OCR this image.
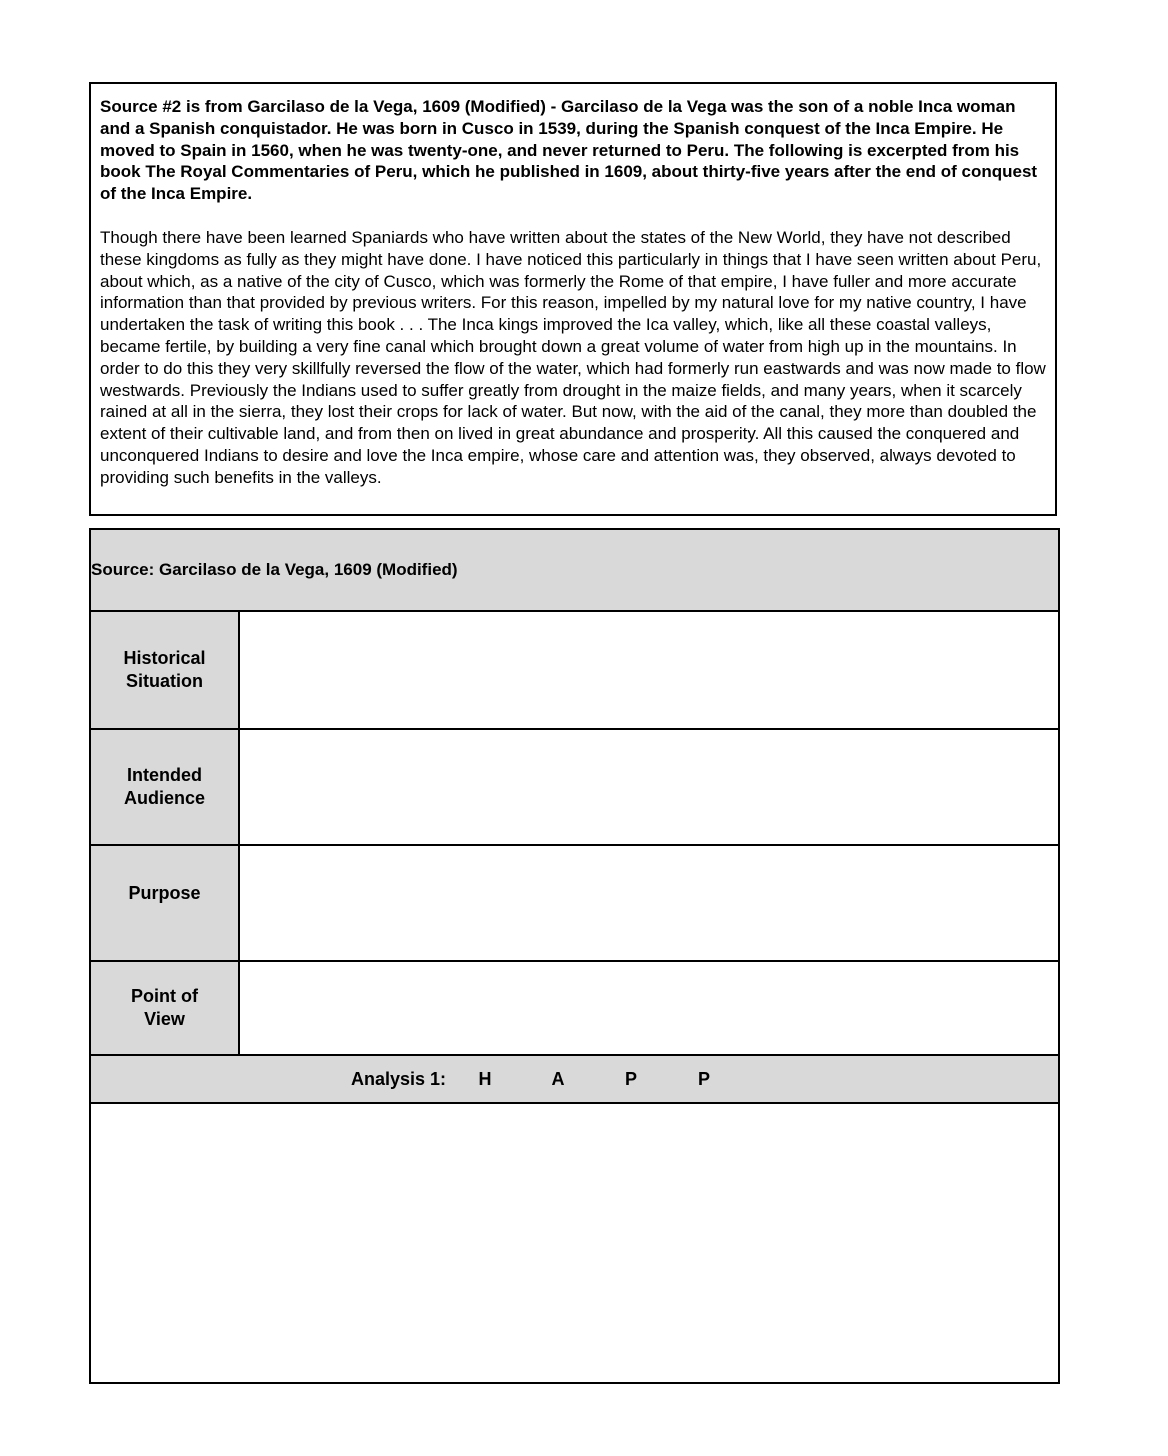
Source #2 is from Garcilaso de la Vega, 1609 (Modified) - Garcilaso de la Vega was the son of a noble Inca woman and a Spanish conquistador. He was born in Cusco in 1539, during the Spanish conquest of the Inca Empire. He moved to Spain in 1560, when he was twenty-one, and never returned to Peru. The following is excerpted from his book The Royal Commentaries of Peru, which he published in 1609, about thirty-five years after the end of conquest of the Inca Empire.

Though there have been learned Spaniards who have written about the states of the New World, they have not described these kingdoms as fully as they might have done. I have noticed this particularly in things that I have seen written about Peru, about which, as a native of the city of Cusco, which was formerly the Rome of that empire, I have fuller and more accurate information than that provided by previous writers. For this reason, impelled by my natural love for my native country, I have undertaken the task of writing this book . . . The Inca kings improved the Ica valley, which, like all these coastal valleys, became fertile, by building a very fine canal which brought down a great volume of water from high up in the mountains. In order to do this they very skillfully reversed the flow of the water, which had formerly run eastwards and was now made to flow westwards. Previously the Indians used to suffer greatly from drought in the maize fields, and many years, when it scarcely rained at all in the sierra, they lost their crops for lack of water. But now, with the aid of the canal, they more than doubled the extent of their cultivable land, and from then on lived in great abundance and prosperity. All this caused the conquered and unconquered Indians to desire and love the Inca empire, whose care and attention was, they observed, always devoted to providing such benefits in the valleys.

Source: Garcilaso de la Vega, 1609 (Modified)	
Historical Situation	
Intended Audience	
Purpose	
Point of View	
Analysis 1: H A P P	
